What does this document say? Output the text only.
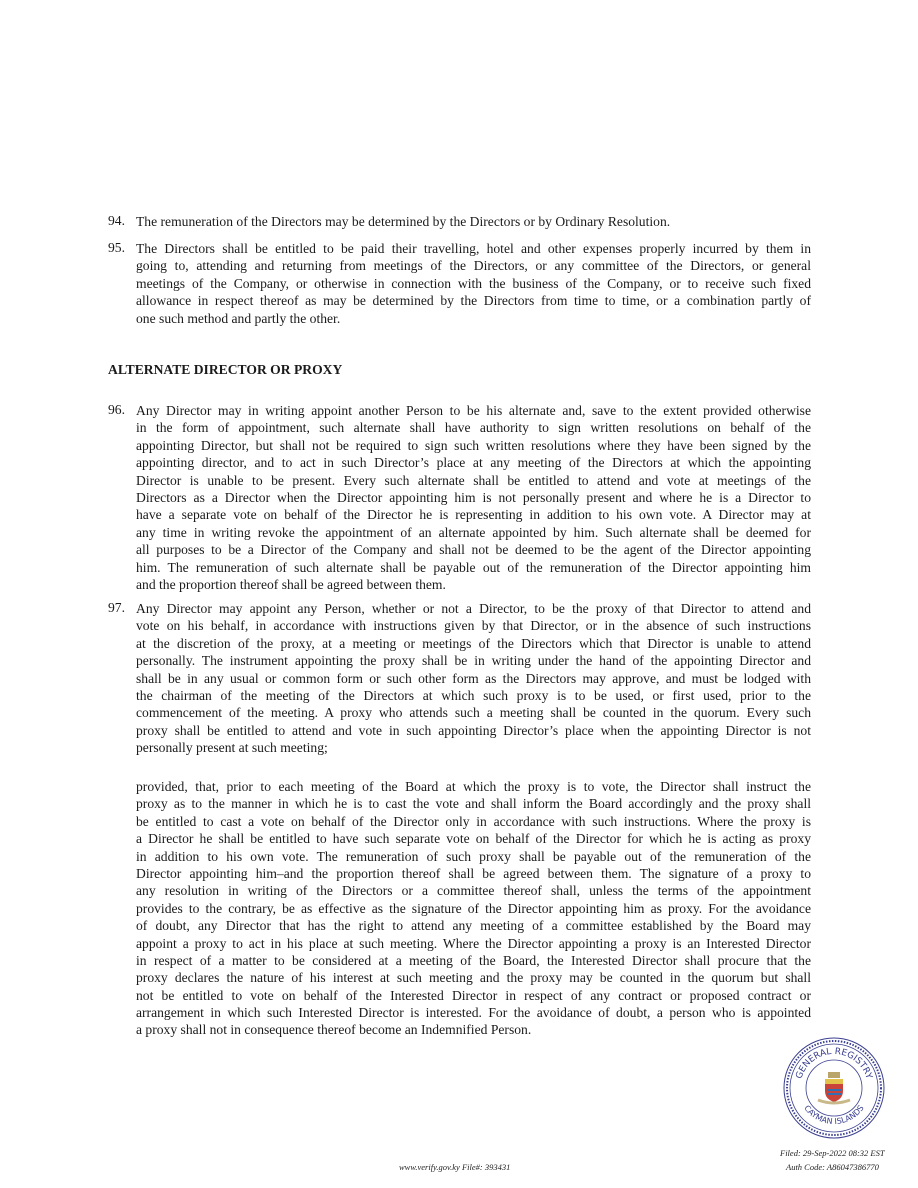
94. The remuneration of the Directors may be determined by the Directors or by Ordinary Resolution.
95. The Directors shall be entitled to be paid their travelling, hotel and other expenses properly incurred by them in
going to, attending and returning from meetings of the Directors, or any committee of the Directors, or general
meetings of the Company, or otherwise in connection with the business of the Company, or to receive such fixed
allowance in respect thereof as may be determined by the Directors from time to time, or a combination partly of
one such method and partly the other.
96. Any Director may in writing appoint another Person to be his alternate and, save to the extent provided otherwise
in the form of appointment, such alternate shall have authority to sign written resolutions on behalf of the
appointing Director, but shall not be required to sign such written resolutions where they have been signed by the
appointing director, and to act in such Director’s place at any meeting of the Directors at which the appointing
Director is unable to be present. Every such alternate shall be entitled to attend and vote at meetings of the
Directors as a Director when the Director appointing him is not personally present and where he is a Director to
have a separate vote on behalf of the Director he is representing in addition to his own vote. A Director may at
any time in writing revoke the appointment of an alternate appointed by him. Such alternate shall be deemed for
all purposes to be a Director of the Company and shall not be deemed to be the agent of the Director appointing
him. The remuneration of such alternate shall be payable out of the remuneration of the Director appointing him
and the proportion thereof shall be agreed between them.
97. Any Director may appoint any Person, whether or not a Director, to be the proxy of that Director to attend and
vote on his behalf, in accordance with instructions given by that Director, or in the absence of such instructions
at the discretion of the proxy, at a meeting or meetings of the Directors which that Director is unable to attend
personally. The instrument appointing the proxy shall be in writing under the hand of the appointing Director and
shall be in any usual or common form or such other form as the Directors may approve, and must be lodged with
the chairman of the meeting of the Directors at which such proxy is to be used, or first used, prior to the
commencement of the meeting. A proxy who attends such a meeting shall be counted in the quorum. Every such
proxy shall be entitled to attend and vote in such appointing Director’s place when the appointing Director is not
personally present at such meeting;
provided, that, prior to each meeting of the Board at which the proxy is to vote, the Director shall instruct the
proxy as to the manner in which he is to cast the vote and shall inform the Board accordingly and the proxy shall
be entitled to cast a vote on behalf of the Director only in accordance with such instructions. Where the proxy is
a Director he shall be entitled to have such separate vote on behalf of the Director for which he is acting as proxy
in addition to his own vote. The remuneration of such proxy shall be payable out of the remuneration of the
Director appointing him–and the proportion thereof shall be agreed between them. The signature of a proxy to
any resolution in writing of the Directors or a committee thereof shall, unless the terms of the appointment
provides to the contrary, be as effective as the signature of the Director appointing him as proxy. For the avoidance
of doubt, any Director that has the right to attend any meeting of a committee established by the Board may
appoint a proxy to act in his place at such meeting. Where the Director appointing a proxy is an Interested Director
in respect of a matter to be considered at a meeting of the Board, the Interested Director shall procure that the
proxy declares the nature of his interest at such meeting and the proxy may be counted in the quorum but shall
not be entitled to vote on behalf of the Interested Director in respect of any contract or proposed contract or
arrangement in which such Interested Director is interested. For the avoidance of doubt, a person who is appointed
a proxy shall not in consequence thereof become an Indemnified Person.
ALTERNATE DIRECTOR OR PROXY
GENERAL REGISTRY
CAYMAN ISLANDS
www.verify.gov.ky File#: 393431
Filed: 29-Sep-2022 08:32 EST
Auth Code: A86047386770
